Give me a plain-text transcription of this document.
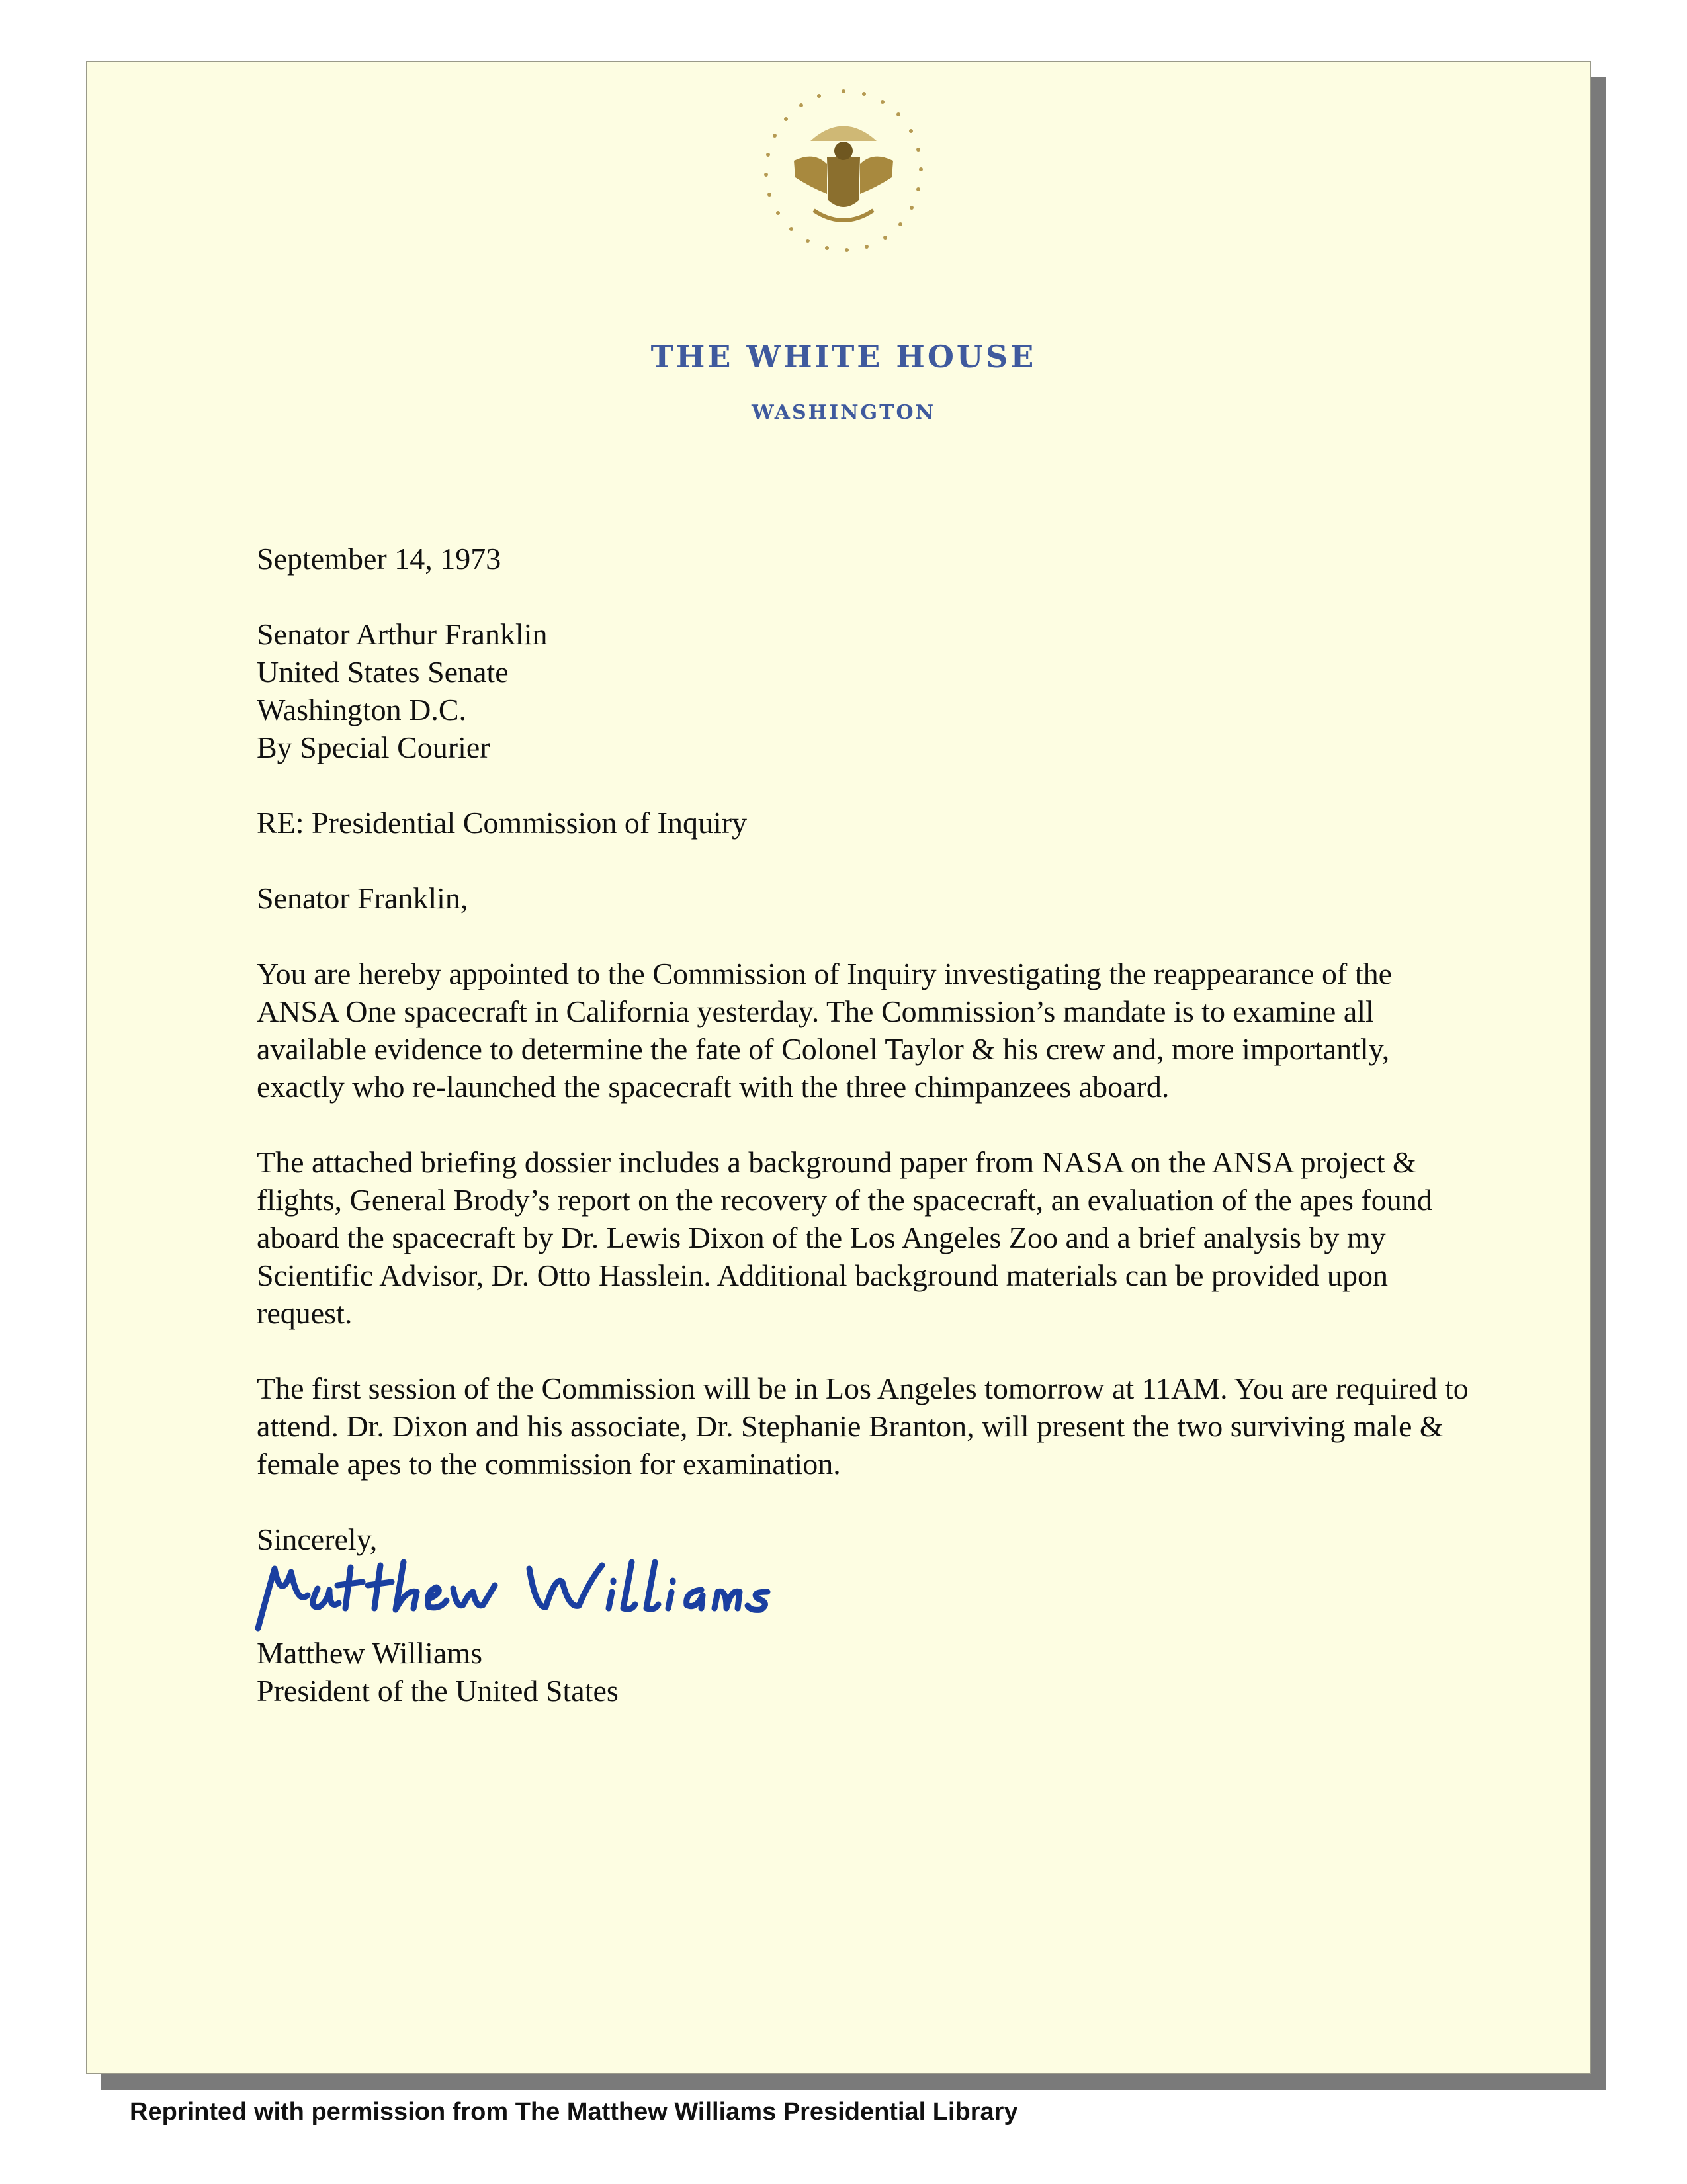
THE WHITE HOUSE
WASHINGTON

September 14, 1973

Senator Arthur Franklin

United States Senate

Washington D.C.

By Special Courier

RE: Presidential Commission of Inquiry

Senator Franklin,

You are hereby appointed to the Commission of Inquiry investigating the reappearance of the ANSA One spacecraft in California yesterday. The Commission’s mandate is to examine all available evidence to determine the fate of Colonel Taylor & his crew and, more importantly, exactly who re-launched the spacecraft with the three chimpanzees aboard.

The attached briefing dossier includes a background paper from NASA on the ANSA project & flights, General Brody’s report on the recovery of the spacecraft, an evaluation of the apes found aboard the spacecraft by Dr. Lewis Dixon of the Los Angeles Zoo and a brief analysis by my Scientific Advisor, Dr. Otto Hasslein. Additional background materials can be provided upon request.

The first session of the Commission will be in Los Angeles tomorrow at 11AM. You are required to attend. Dr. Dixon and his associate, Dr. Stephanie Branton, will present the two surviving male & female apes to the commission for examination.

Sincerely,

Matthew Williams

President of the United States

Reprinted with permission from The Matthew Williams Presidential Library
